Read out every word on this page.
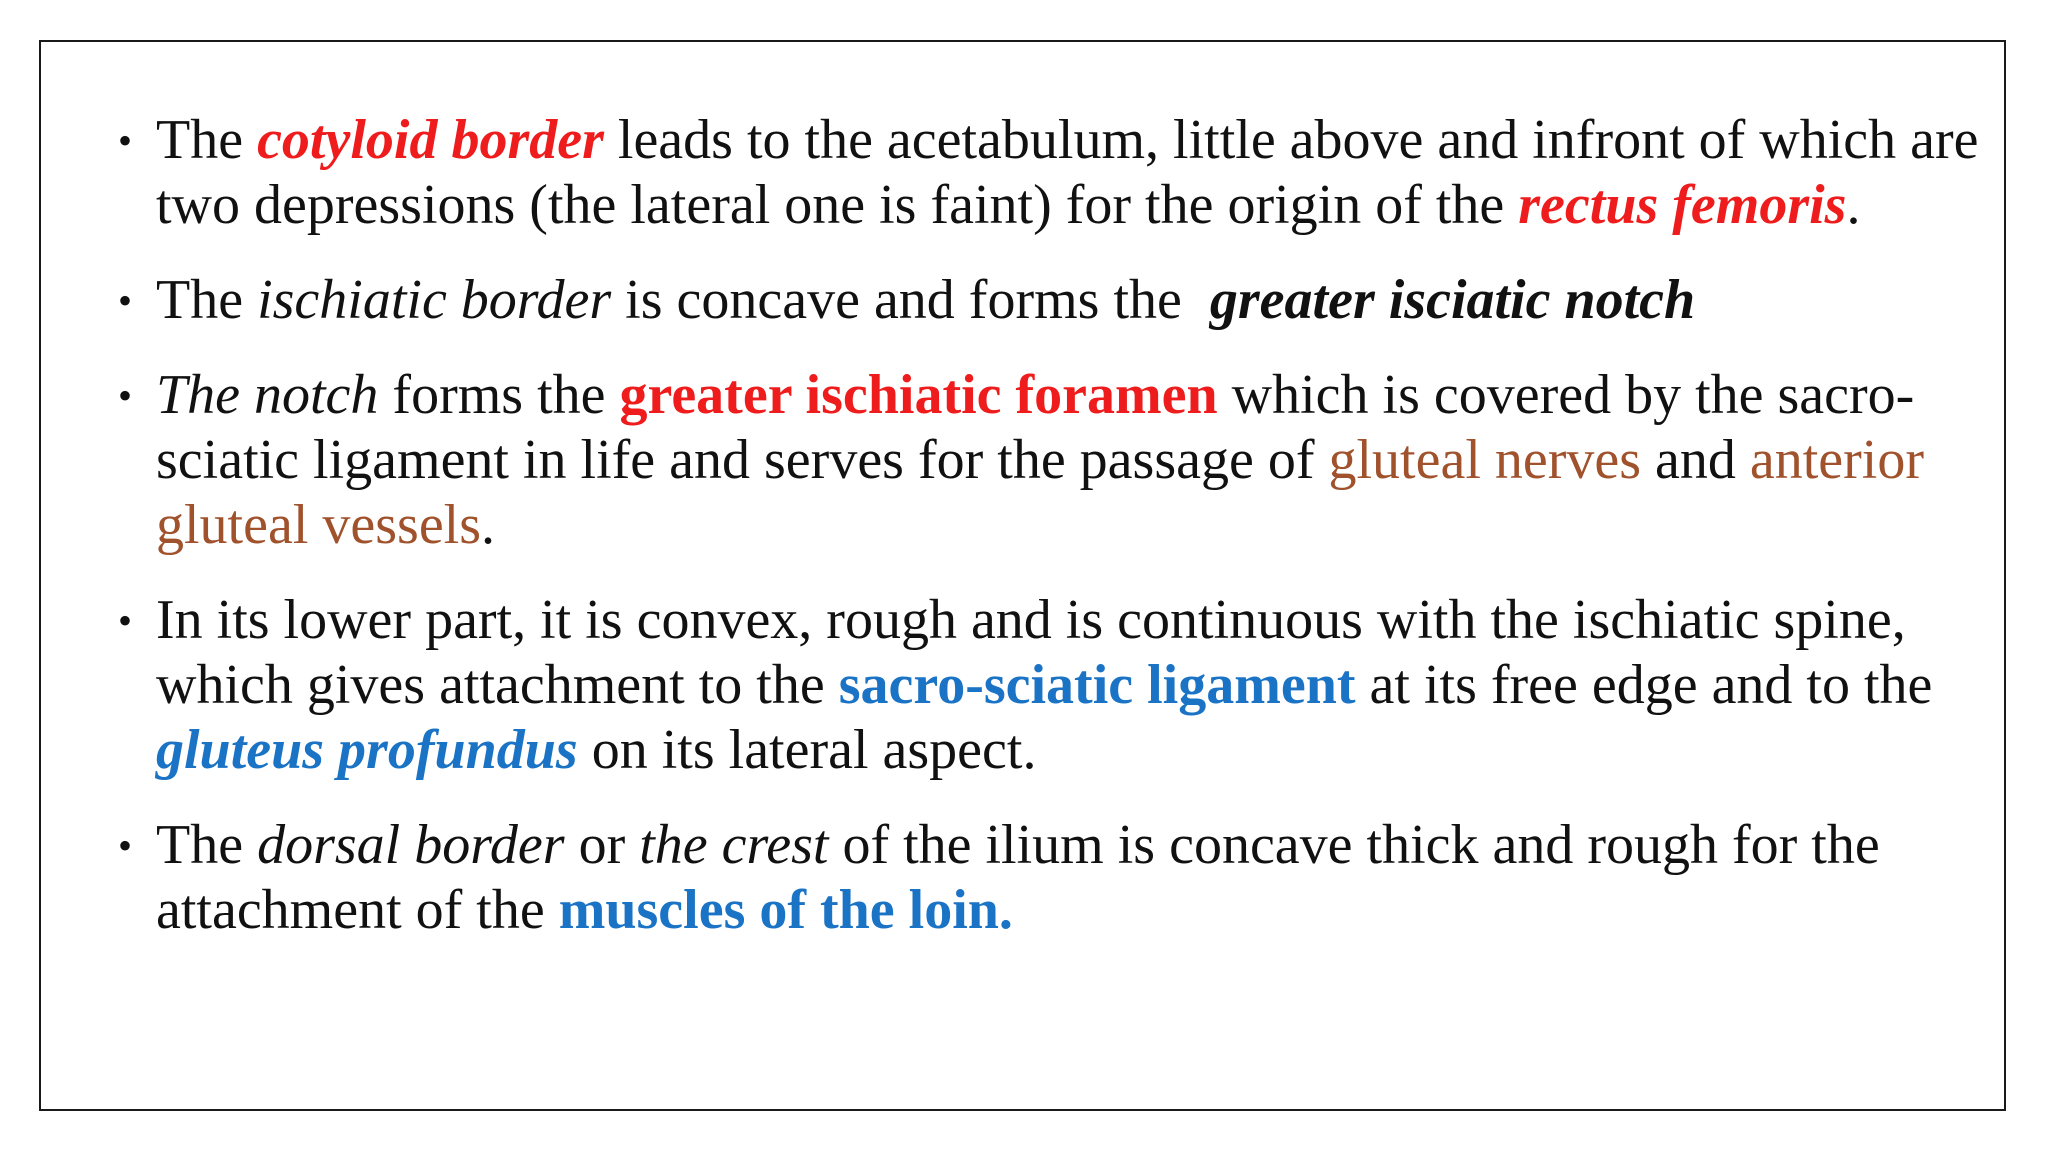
• The cotyloid border leads to the acetabulum, little above and infront of which are two depressions (the lateral one is faint) for the origin of the rectus femoris.
• The ischiatic border is concave and forms the  greater isciatic notch
• The notch forms the greater ischiatic foramen which is covered by the sacro-sciatic ligament in life and serves for the passage of gluteal nerves and anterior gluteal vessels.
• In its lower part, it is convex, rough and is continuous with the ischiatic spine, which gives attachment to the sacro-sciatic ligament at its free edge and to the gluteus profundus on its lateral aspect.
• The dorsal border or the crest of the ilium is concave thick and rough for the attachment of the muscles of the loin.
